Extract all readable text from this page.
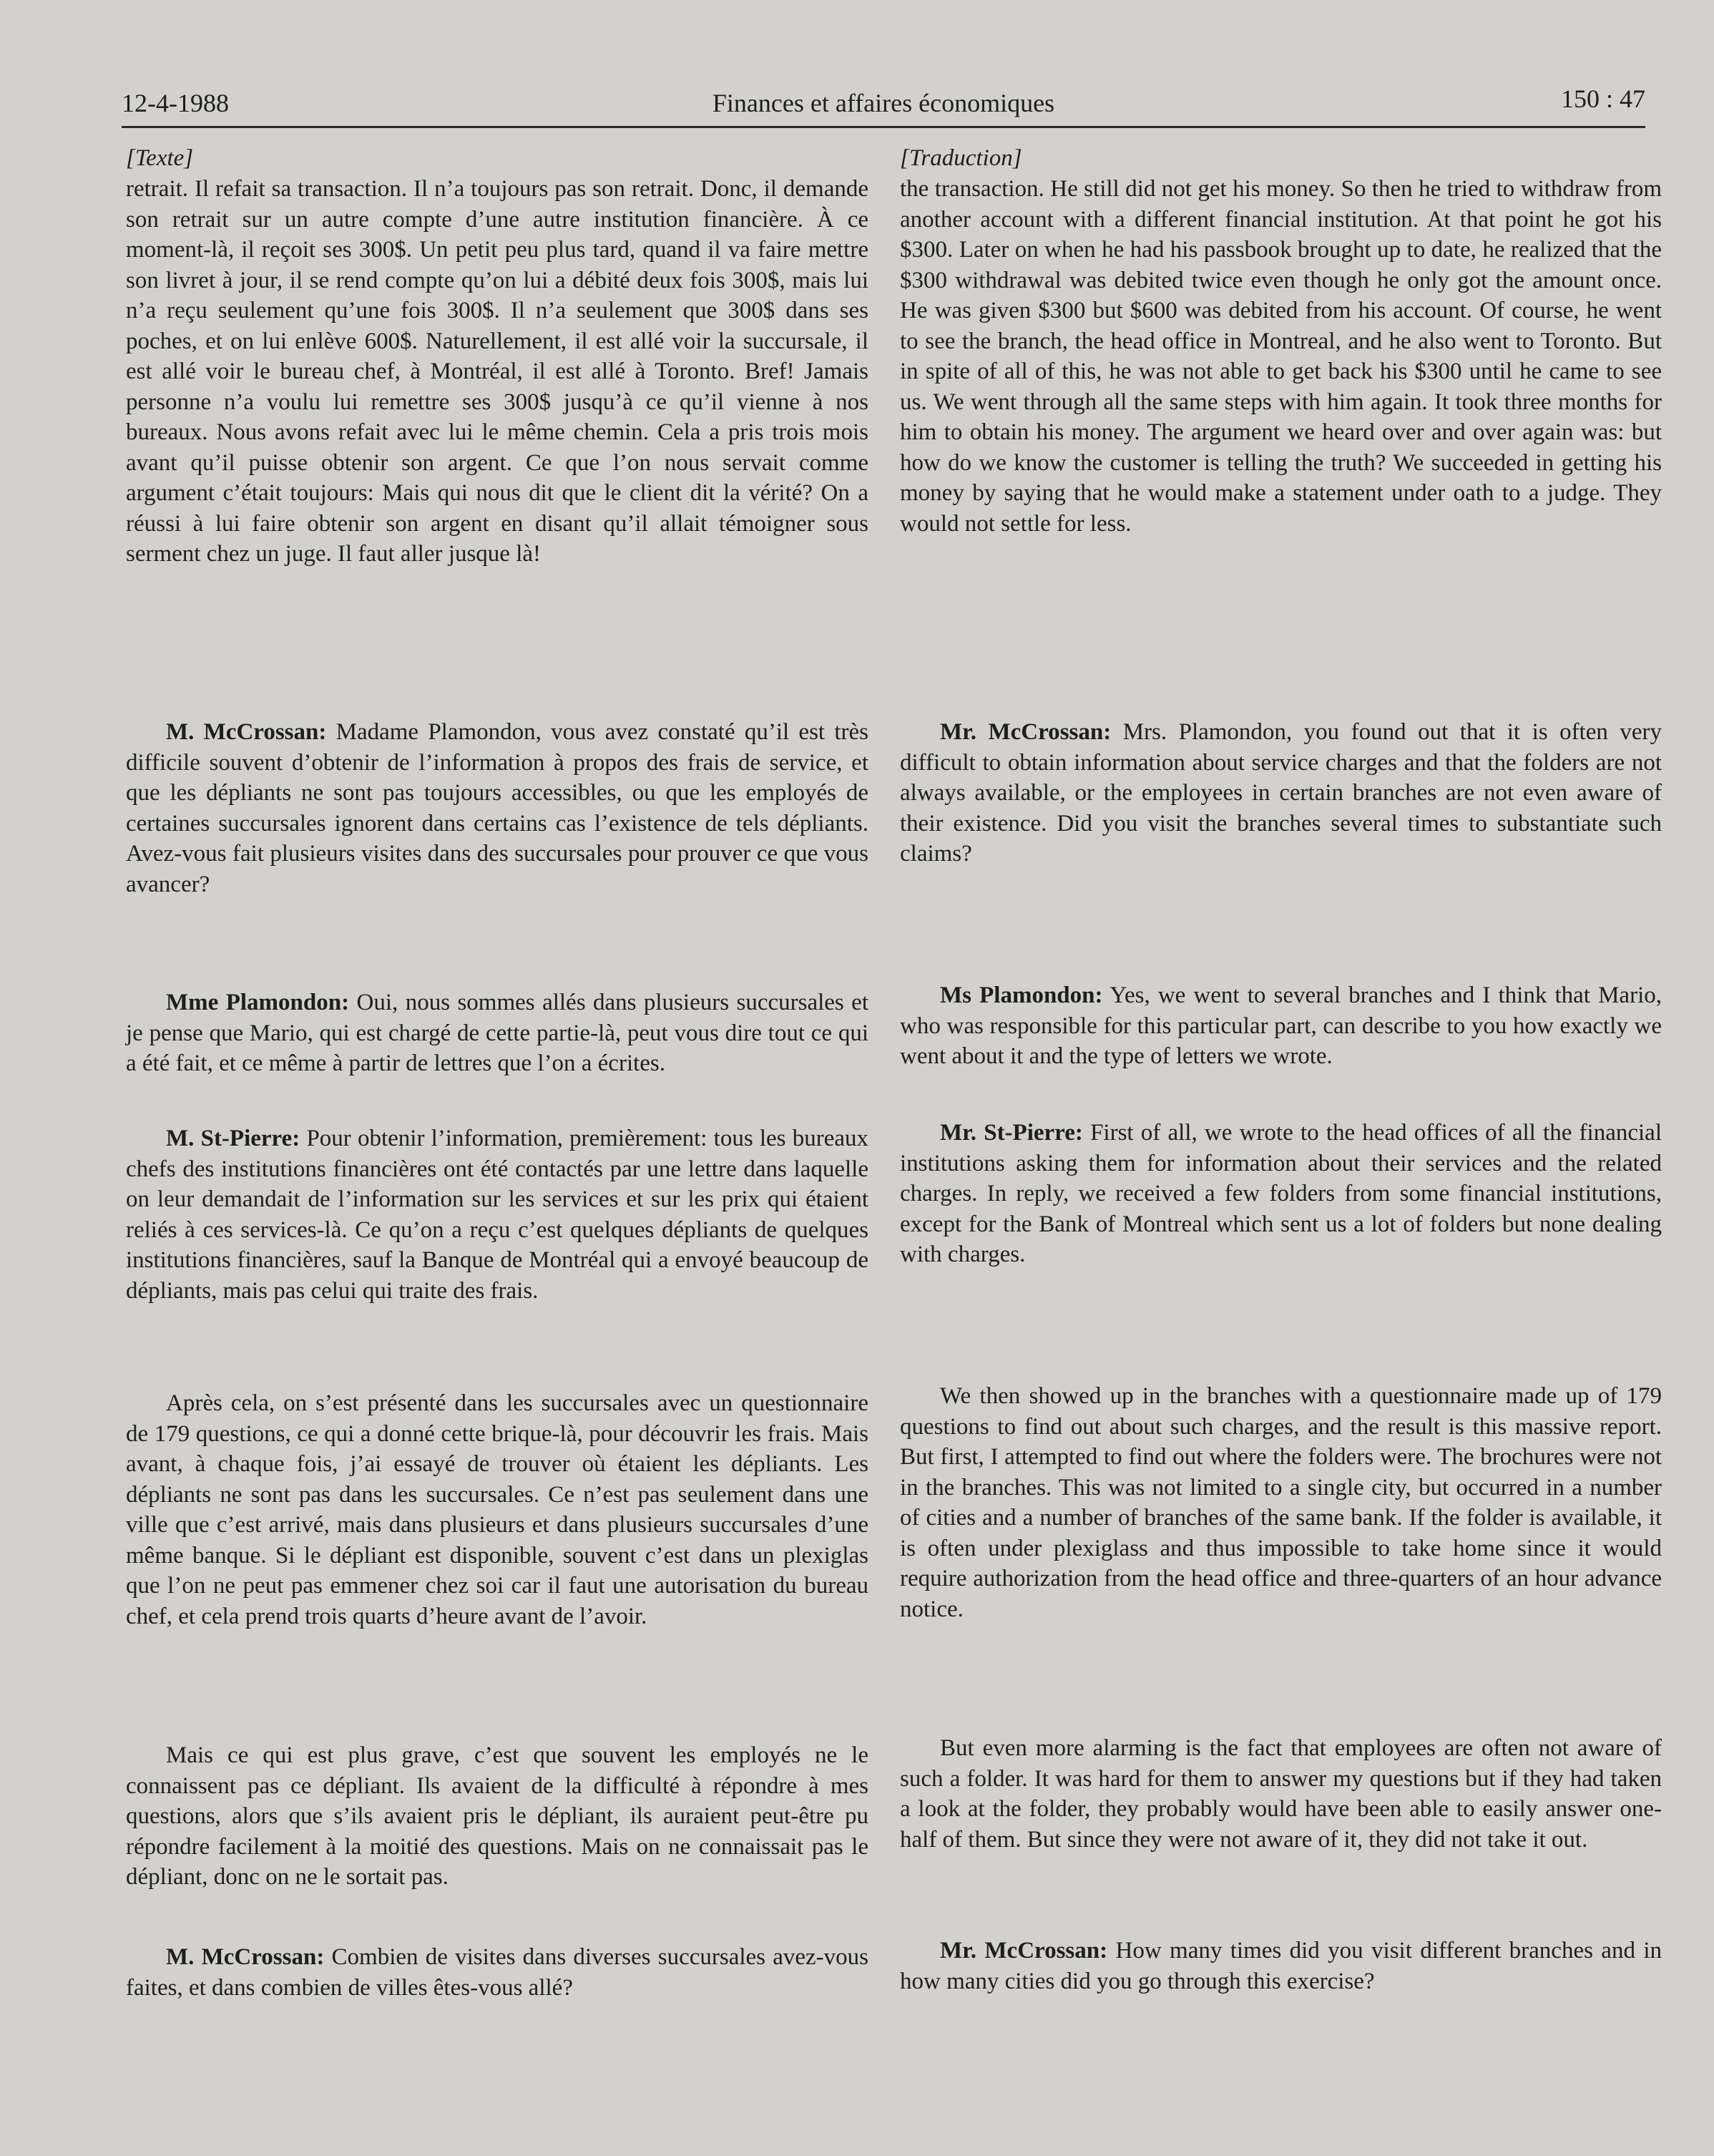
12-4-1988	Finances et affaires économiques	150 : 47

[Texte]

retrait. Il refait sa transaction. Il n’a toujours pas son retrait. Donc, il demande son retrait sur un autre compte d’une autre institution financière. À ce moment-là, il reçoit ses 300$. Un petit peu plus tard, quand il va faire mettre son livret à jour, il se rend compte qu’on lui a débité deux fois 300$, mais lui n’a reçu seulement qu’une fois 300$. Il n’a seulement que 300$ dans ses poches, et on lui enlève 600$. Naturellement, il est allé voir la succursale, il est allé voir le bureau chef, à Montréal, il est allé à Toronto. Bref! Jamais personne n’a voulu lui remettre ses 300$ jusqu’à ce qu’il vienne à nos bureaux. Nous avons refait avec lui le même chemin. Cela a pris trois mois avant qu’il puisse obtenir son argent. Ce que l’on nous servait comme argument c’était toujours: Mais qui nous dit que le client dit la vérité? On a réussi à lui faire obtenir son argent en disant qu’il allait témoigner sous serment chez un juge. Il faut aller jusque là!

M. McCrossan: Madame Plamondon, vous avez constaté qu’il est très difficile souvent d’obtenir de l’information à propos des frais de service, et que les dépliants ne sont pas toujours accessibles, ou que les employés de certaines succursales ignorent dans certains cas l’existence de tels dépliants. Avez-vous fait plusieurs visites dans des succursales pour prouver ce que vous avancer?

Mme Plamondon: Oui, nous sommes allés dans plusieurs succursales et je pense que Mario, qui est chargé de cette partie-là, peut vous dire tout ce qui a été fait, et ce même à partir de lettres que l’on a écrites.

M. St-Pierre: Pour obtenir l’information, premièrement: tous les bureaux chefs des institutions financières ont été contactés par une lettre dans laquelle on leur demandait de l’information sur les services et sur les prix qui étaient reliés à ces services-là. Ce qu’on a reçu c’est quelques dépliants de quelques institutions financières, sauf la Banque de Montréal qui a envoyé beaucoup de dépliants, mais pas celui qui traite des frais.

Après cela, on s’est présenté dans les succursales avec un questionnaire de 179 questions, ce qui a donné cette brique-là, pour découvrir les frais. Mais avant, à chaque fois, j’ai essayé de trouver où étaient les dépliants. Les dépliants ne sont pas dans les succursales. Ce n’est pas seulement dans une ville que c’est arrivé, mais dans plusieurs et dans plusieurs succursales d’une même banque. Si le dépliant est disponible, souvent c’est dans un plexiglas que l’on ne peut pas emmener chez soi car il faut une autorisation du bureau chef, et cela prend trois quarts d’heure avant de l’avoir.

Mais ce qui est plus grave, c’est que souvent les employés ne le connaissent pas ce dépliant. Ils avaient de la difficulté à répondre à mes questions, alors que s’ils avaient pris le dépliant, ils auraient peut-être pu répondre facilement à la moitié des questions. Mais on ne connaissait pas le dépliant, donc on ne le sortait pas.

M. McCrossan: Combien de visites dans diverses succursales avez-vous faites, et dans combien de villes êtes-vous allé?

[Traduction]

the transaction. He still did not get his money. So then he tried to withdraw from another account with a different financial institution. At that point he got his $300. Later on when he had his passbook brought up to date, he realized that the $300 withdrawal was debited twice even though he only got the amount once. He was given $300 but $600 was debited from his account. Of course, he went to see the branch, the head office in Montreal, and he also went to Toronto. But in spite of all of this, he was not able to get back his $300 until he came to see us. We went through all the same steps with him again. It took three months for him to obtain his money. The argument we heard over and over again was: but how do we know the customer is telling the truth? We succeeded in getting his money by saying that he would make a statement under oath to a judge. They would not settle for less.

Mr. McCrossan: Mrs. Plamondon, you found out that it is often very difficult to obtain information about service charges and that the folders are not always available, or the employees in certain branches are not even aware of their existence. Did you visit the branches several times to substantiate such claims?

Ms Plamondon: Yes, we went to several branches and I think that Mario, who was responsible for this particular part, can describe to you how exactly we went about it and the type of letters we wrote.

Mr. St-Pierre: First of all, we wrote to the head offices of all the financial institutions asking them for information about their services and the related charges. In reply, we received a few folders from some financial institutions, except for the Bank of Montreal which sent us a lot of folders but none dealing with charges.

We then showed up in the branches with a questionnaire made up of 179 questions to find out about such charges, and the result is this massive report. But first, I attempted to find out where the folders were. The brochures were not in the branches. This was not limited to a single city, but occurred in a number of cities and a number of branches of the same bank. If the folder is available, it is often under plexiglass and thus impossible to take home since it would require authorization from the head office and three-quarters of an hour advance notice.

But even more alarming is the fact that employees are often not aware of such a folder. It was hard for them to answer my questions but if they had taken a look at the folder, they probably would have been able to easily answer one-half of them. But since they were not aware of it, they did not take it out.

Mr. McCrossan: How many times did you visit different branches and in how many cities did you go through this exercise?
